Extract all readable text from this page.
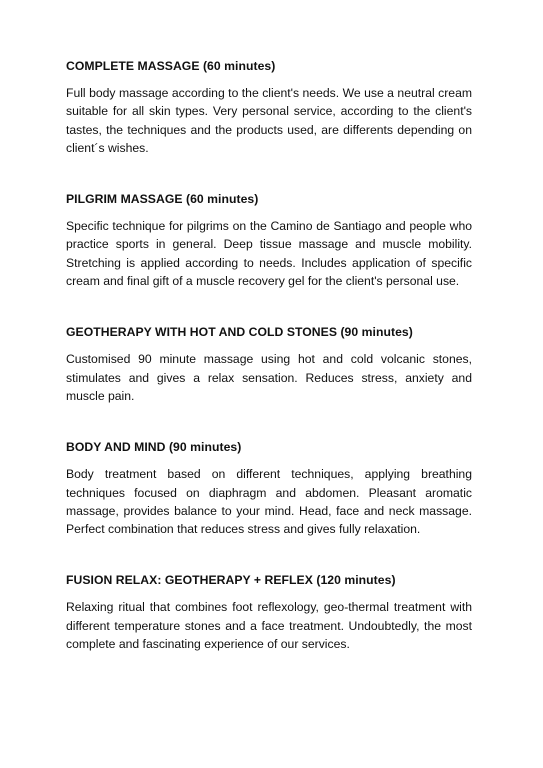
COMPLETE MASSAGE (60 minutes)

Full body massage according to the client's needs. We use a neutral cream suitable for all skin types. Very personal service, according to the client's tastes, the techniques and the products used, are differents depending on client´s wishes.

PILGRIM MASSAGE (60 minutes)

Specific technique for pilgrims on the Camino de Santiago and people who practice sports in general. Deep tissue massage and muscle mobility. Stretching is applied according to needs. Includes application of specific cream and final gift of a muscle recovery gel for the client's personal use.

GEOTHERAPY WITH HOT AND COLD STONES (90 minutes)

Customised 90 minute massage using hot and cold volcanic stones, stimulates and gives a relax sensation. Reduces stress, anxiety and muscle pain.

BODY AND MIND (90 minutes)

Body treatment based on different techniques, applying breathing techniques focused on diaphragm and abdomen. Pleasant aromatic massage, provides balance to your mind. Head, face and neck massage. Perfect combination that reduces stress and gives fully relaxation.

FUSION RELAX: GEOTHERAPY + REFLEX (120 minutes)

Relaxing ritual that combines foot reflexology, geo-thermal treatment with different temperature stones and a face treatment. Undoubtedly, the most complete and fascinating experience of our services.
